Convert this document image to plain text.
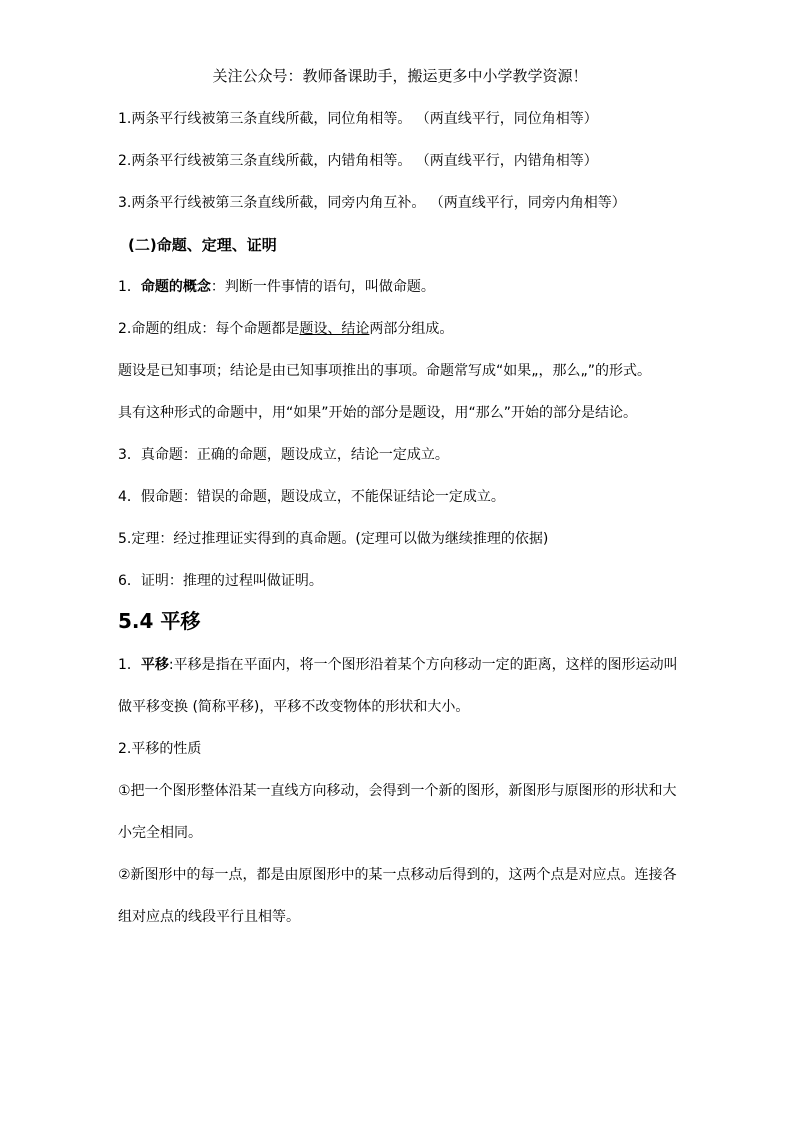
关注公众号：教师备课助手，搬运更多中小学教学资源！
1.两条平行线被第三条直线所截，同位角相等。 （两直线平行，同位角相等）
2.两条平行线被第三条直线所截，内错角相等。 （两直线平行，内错角相等）
3.两条平行线被第三条直线所截，同旁内角互补。 （两直线平行，同旁内角相等）
(二)命题、定理、证明
1．命题的概念：判断一件事情的语句，叫做命题。
2.命题的组成：每个命题都是题设、结论两部分组成。
题设是已知事项；结论是由已知事项推出的事项。命题常写成“如果„，那么„”的形式。
具有这种形式的命题中，用“如果”开始的部分是题设，用“那么”开始的部分是结论。
3．真命题：正确的命题，题设成立，结论一定成立。
4．假命题：错误的命题，题设成立，不能保证结论一定成立。
5.定理：经过推理证实得到的真命题。(定理可以做为继续推理的依据)
6．证明：推理的过程叫做证明。
5.4 平移
1．平移:平移是指在平面内，将一个图形沿着某个方向移动一定的距离，这样的图形运动叫
做平移变换 (简称平移)，平移不改变物体的形状和大小。
2.平移的性质
①把一个图形整体沿某一直线方向移动，会得到一个新的图形，新图形与原图形的形状和大
小完全相同。
②新图形中的每一点，都是由原图形中的某一点移动后得到的，这两个点是对应点。连接各
组对应点的线段平行且相等。
